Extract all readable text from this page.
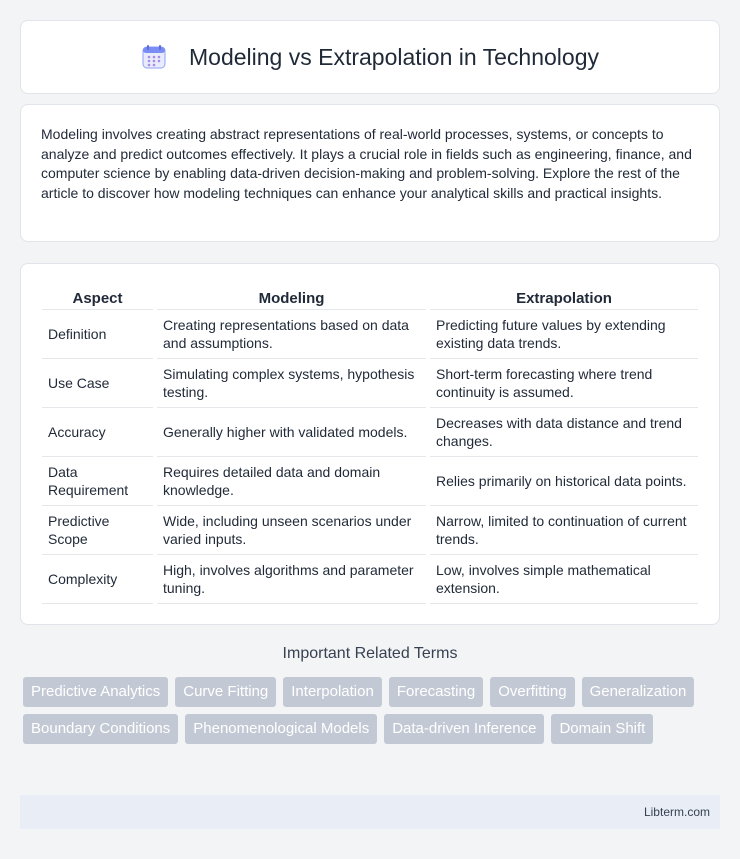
Modeling vs Extrapolation in Technology

Modeling involves creating abstract representations of real-world processes, systems, or concepts to analyze and predict outcomes effectively. It plays a crucial role in fields such as engineering, finance, and computer science by enabling data-driven decision-making and problem-solving. Explore the rest of the article to discover how modeling techniques can enhance your analytical skills and practical insights.

Aspect	Modeling	Extrapolation
Definition	Creating representations based on data and assumptions.	Predicting future values by extending existing data trends.
Use Case	Simulating complex systems, hypothesis testing.	Short-term forecasting where trend continuity is assumed.
Accuracy	Generally higher with validated models.	Decreases with data distance and trend changes.
Data Requirement	Requires detailed data and domain knowledge.	Relies primarily on historical data points.
Predictive Scope	Wide, including unseen scenarios under varied inputs.	Narrow, limited to continuation of current trends.
Complexity	High, involves algorithms and parameter tuning.	Low, involves simple mathematical extension.
Important Related Terms
Predictive Analytics	Curve Fitting	Interpolation	Forecasting	Overfitting	Generalization
Boundary Conditions	Phenomenological Models	Data-driven Inference	Domain Shift
Libterm.com
